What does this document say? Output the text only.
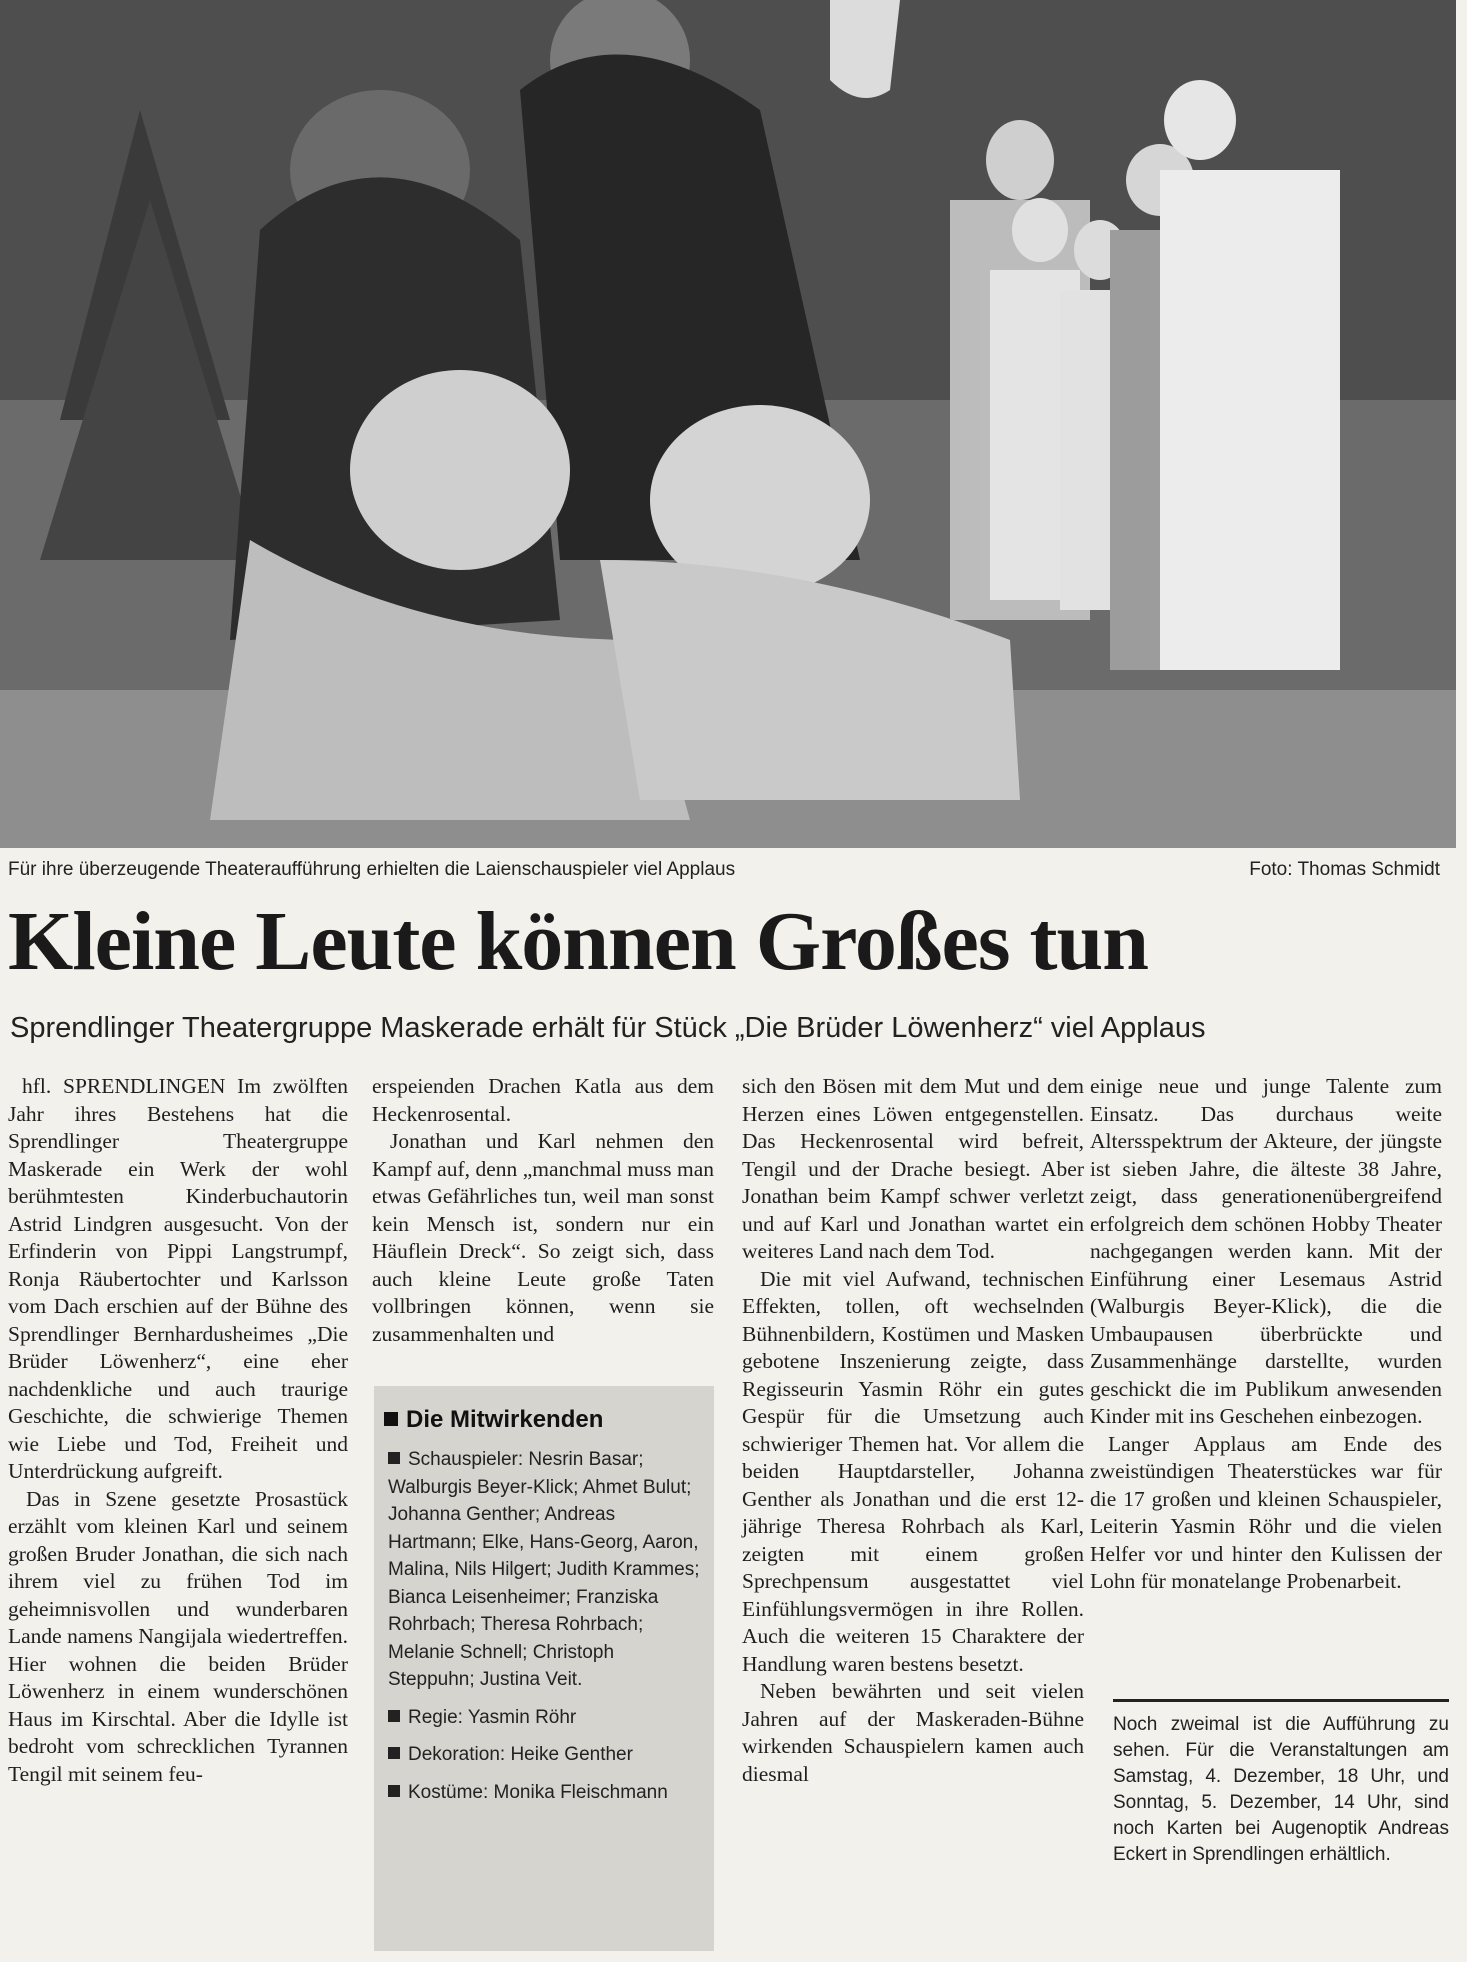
Für ihre überzeugende Theateraufführung erhielten die Laienschauspieler viel Applaus	Foto: Thomas Schmidt
Kleine Leute können Großes tun
Sprendlinger Theatergruppe Maskerade erhält für Stück „Die Brüder Löwenherz“ viel Applaus

hfl. SPRENDLINGEN Im zwölften Jahr ihres Bestehens hat die Sprendlinger Theatergruppe Maskerade ein Werk der wohl berühmtesten Kinderbuchautorin Astrid Lindgren ausgesucht. Von der Erfinderin von Pippi Langstrumpf, Ronja Räubertochter und Karlsson vom Dach erschien auf der Bühne des Sprendlinger Bernhardusheimes „Die Brüder Löwenherz“, eine eher nachdenkliche und auch traurige Geschichte, die schwierige Themen wie Liebe und Tod, Freiheit und Unterdrückung aufgreift.

Das in Szene gesetzte Prosastück erzählt vom kleinen Karl und seinem großen Bruder Jonathan, die sich nach ihrem viel zu frühen Tod im geheimnisvollen und wunderbaren Lande namens Nangijala wiedertreffen. Hier wohnen die beiden Brüder Löwenherz in einem wunderschönen Haus im Kirschtal. Aber die Idylle ist bedroht vom schrecklichen Tyrannen Tengil mit seinem feu-

erspeienden Drachen Katla aus dem Heckenrosental.

Jonathan und Karl nehmen den Kampf auf, denn „manchmal muss man etwas Gefährliches tun, weil man sonst kein Mensch ist, sondern nur ein Häuflein Dreck“. So zeigt sich, dass auch kleine Leute große Taten vollbringen können, wenn sie zusammenhalten und

Die Mitwirkenden

Schauspieler: Nesrin Basar; Walburgis Beyer-Klick; Ahmet Bulut; Johanna Genther; Andreas Hartmann; Elke, Hans-Georg, Aaron, Malina, Nils Hilgert; Judith Krammes; Bianca Leisenheimer; Franziska Rohrbach; Theresa Rohrbach; Melanie Schnell; Christoph Steppuhn; Justina Veit.

Regie: Yasmin Röhr

Dekoration: Heike Genther

Kostüme: Monika Fleischmann

sich den Bösen mit dem Mut und dem Herzen eines Löwen entgegenstellen. Das Heckenrosental wird befreit, Tengil und der Drache besiegt. Aber Jonathan beim Kampf schwer verletzt und auf Karl und Jonathan wartet ein weiteres Land nach dem Tod.

Die mit viel Aufwand, technischen Effekten, tollen, oft wechselnden Bühnenbildern, Kostümen und Masken gebotene Inszenierung zeigte, dass Regisseurin Yasmin Röhr ein gutes Gespür für die Umsetzung auch schwieriger Themen hat. Vor allem die beiden Hauptdarsteller, Johanna Genther als Jonathan und die erst 12-jährige Theresa Rohrbach als Karl, zeigten mit einem großen Sprechpensum ausgestattet viel Einfühlungsvermögen in ihre Rollen. Auch die weiteren 15 Charaktere der Handlung waren bestens besetzt.

Neben bewährten und seit vielen Jahren auf der Maskeraden-Bühne wirkenden Schauspielern kamen auch diesmal

einige neue und junge Talente zum Einsatz. Das durchaus weite Altersspektrum der Akteure, der jüngste ist sieben Jahre, die älteste 38 Jahre, zeigt, dass generationenübergreifend erfolgreich dem schönen Hobby Theater nachgegangen werden kann. Mit der Einführung einer Lesemaus Astrid (Walburgis Beyer-Klick), die die Umbaupausen überbrückte und Zusammenhänge darstellte, wurden geschickt die im Publikum anwesenden Kinder mit ins Geschehen einbezogen.

Langer Applaus am Ende des zweistündigen Theaterstückes war für die 17 großen und kleinen Schauspieler, Leiterin Yasmin Röhr und die vielen Helfer vor und hinter den Kulissen der Lohn für monatelange Probenarbeit.

Noch zweimal ist die Aufführung zu sehen. Für die Veranstaltungen am Samstag, 4. Dezember, 18 Uhr, und Sonntag, 5. Dezember, 14 Uhr, sind noch Karten bei Augenoptik Andreas Eckert in Sprendlingen erhältlich.
